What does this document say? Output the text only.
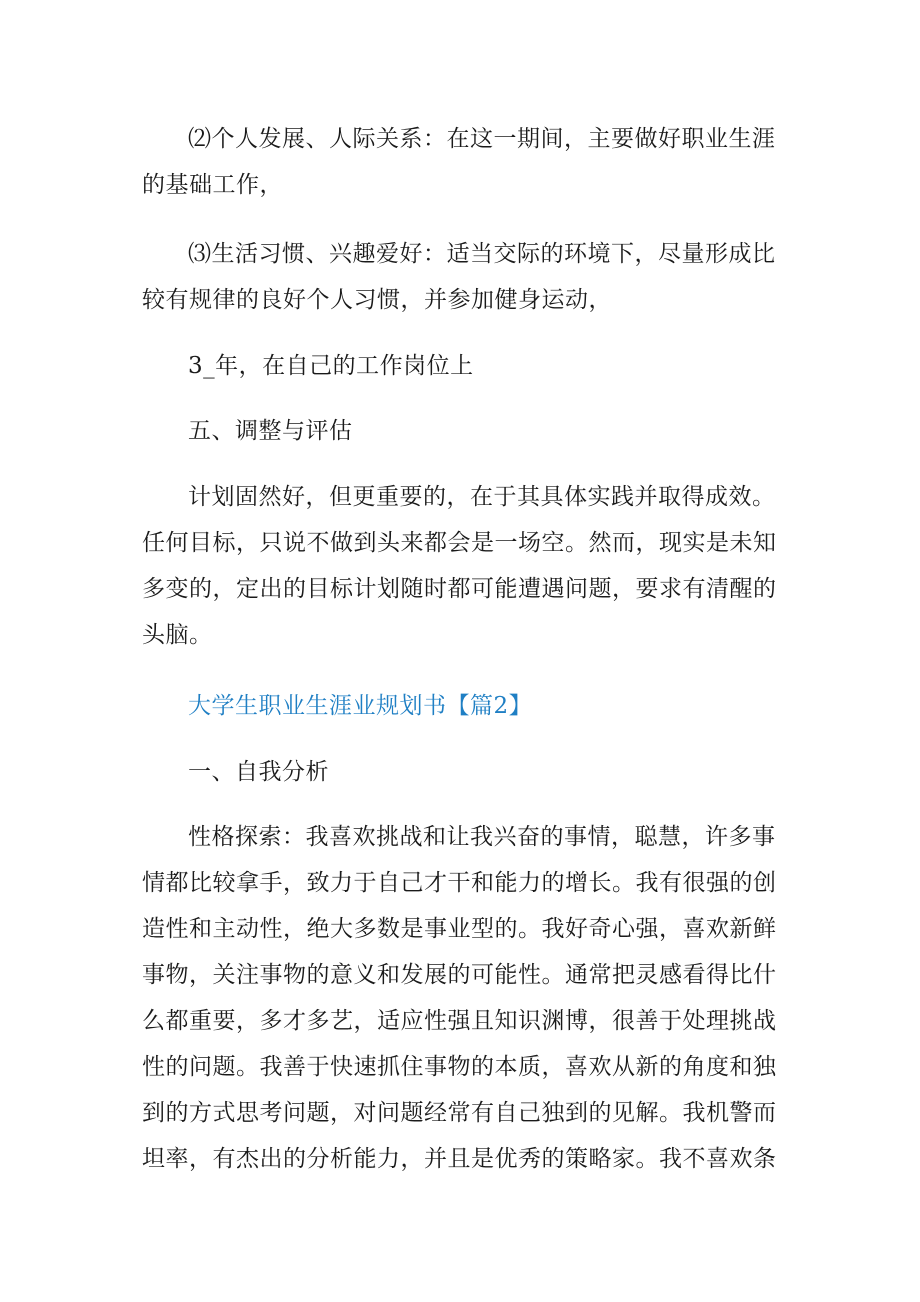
⑵个人发展、人际关系：在这一期间，主要做好职业生涯的基础工作，

⑶生活习惯、兴趣爱好：适当交际的环境下，尽量形成比较有规律的良好个人习惯，并参加健身运动，

3_年，在自己的工作岗位上

五、调整与评估

计划固然好，但更重要的，在于其具体实践并取得成效。任何目标，只说不做到头来都会是一场空。然而，现实是未知多变的，定出的目标计划随时都可能遭遇问题，要求有清醒的头脑。

大学生职业生涯业规划书【篇2】

一、自我分析

性格探索：我喜欢挑战和让我兴奋的事情，聪慧，许多事情都比较拿手，致力于自己才干和能力的增长。我有很强的创造性和主动性，绝大多数是事业型的。我好奇心强，喜欢新鲜事物，关注事物的意义和发展的可能性。通常把灵感看得比什么都重要，多才多艺，适应性强且知识渊博，很善于处理挑战性的问题。我善于快速抓住事物的本质，喜欢从新的角度和独到的方式思考问题，对问题经常有自己独到的见解。我机警而坦率，有杰出的分析能力，并且是优秀的策略家。我不喜欢条
